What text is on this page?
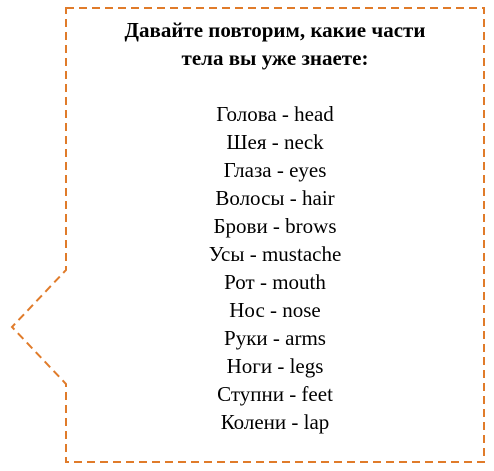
Давайте повторим, какие части
тела вы уже знаете:

Голова - head
Шея - neck
Глаза - eyes
Волосы - hair
Брови - brows
Усы - mustache
Рот - mouth
Нос - nose
Руки - arms
Ноги - legs
Ступни - feet
Колени - lap
